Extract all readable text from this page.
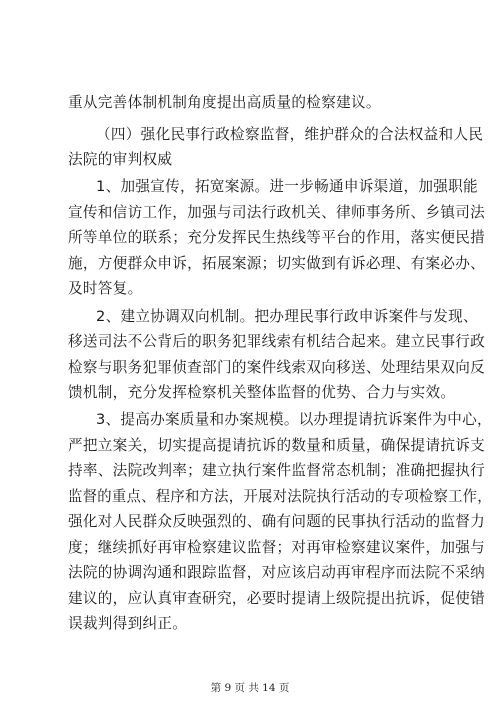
重从完善体制机制角度提出高质量的检察建议。
（四）强化民事行政检察监督，维护群众的合法权益和人民
法院的审判权威
1、加强宣传，拓宽案源。进一步畅通申诉渠道，加强职能
宣传和信访工作，加强与司法行政机关、律师事务所、乡镇司法
所等单位的联系；充分发挥民生热线等平台的作用，落实便民措
施，方便群众申诉，拓展案源；切实做到有诉必理、有案必办、
及时答复。
2、建立协调双向机制。把办理民事行政申诉案件与发现、
移送司法不公背后的职务犯罪线索有机结合起来。建立民事行政
检察与职务犯罪侦查部门的案件线索双向移送、处理结果双向反
馈机制，充分发挥检察机关整体监督的优势、合力与实效。
3、提高办案质量和办案规模。以办理提请抗诉案件为中心，
严把立案关，切实提高提请抗诉的数量和质量，确保提请抗诉支
持率、法院改判率；建立执行案件监督常态机制；准确把握执行
监督的重点、程序和方法，开展对法院执行活动的专项检察工作，
强化对人民群众反映强烈的、确有问题的民事执行活动的监督力
度；继续抓好再审检察建议监督；对再审检察建议案件，加强与
法院的协调沟通和跟踪监督，对应该启动再审程序而法院不采纳
建议的，应认真审查研究，必要时提请上级院提出抗诉，促使错
误裁判得到纠正。
第 9 页 共 14 页
